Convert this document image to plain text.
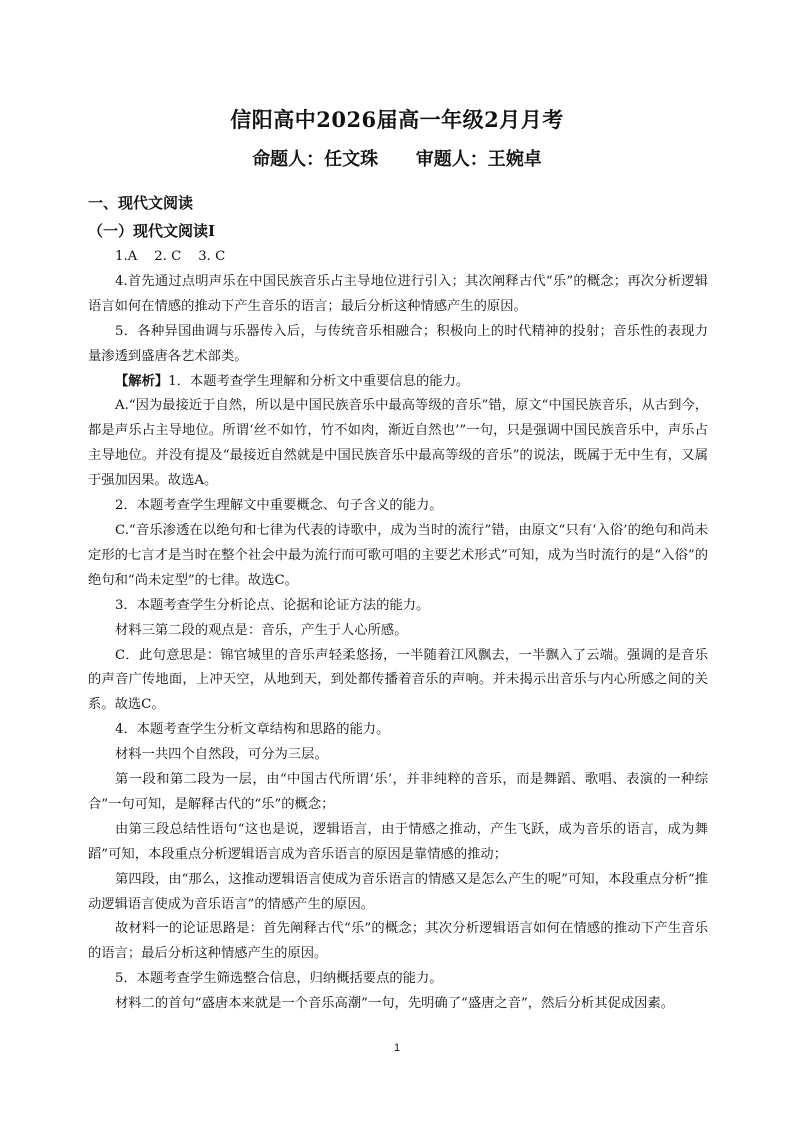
信阳高中2026届高一年级2月月考
命题人：任文珠      审题人：王婉卓
一、现代文阅读
（一）现代文阅读Ⅰ

1.A    2. C    3. C

4.首先通过点明声乐在中国民族音乐占主导地位进行引入；其次阐释古代“乐”的概念；再次分析逻辑语言如何在情感的推动下产生音乐的语言；最后分析这种情感产生的原因。

5．各种异国曲调与乐器传入后，与传统音乐相融合；积极向上的时代精神的投射；音乐性的表现力量渗透到盛唐各艺术部类。

【解析】1．本题考查学生理解和分析文中重要信息的能力。

A.“因为最接近于自然，所以是中国民族音乐中最高等级的音乐”错，原文“中国民族音乐，从古到今，都是声乐占主导地位。所谓‘丝不如竹，竹不如肉，渐近自然也’”一句，只是强调中国民族音乐中，声乐占主导地位。并没有提及“最接近自然就是中国民族音乐中最高等级的音乐”的说法，既属于无中生有，又属于强加因果。故选A。

2．本题考查学生理解文中重要概念、句子含义的能力。

C.“音乐渗透在以绝句和七律为代表的诗歌中，成为当时的流行”错，由原文“只有‘入俗’的绝句和尚未定形的七言才是当时在整个社会中最为流行而可歌可唱的主要艺术形式”可知，成为当时流行的是“入俗”的绝句和“尚未定型”的七律。故选C。

3．本题考查学生分析论点、论据和论证方法的能力。

材料三第二段的观点是：音乐，产生于人心所感。

C．此句意思是：锦官城里的音乐声轻柔悠扬，一半随着江风飘去，一半飘入了云端。强调的是音乐的声音广传地面，上冲天空，从地到天，到处都传播着音乐的声响。并未揭示出音乐与内心所感之间的关系。故选C。

4．本题考查学生分析文章结构和思路的能力。

材料一共四个自然段，可分为三层。

第一段和第二段为一层，由“中国古代所谓‘乐’，并非纯粹的音乐，而是舞蹈、歌唱、表演的一种综合”一句可知，是解释古代的“乐”的概念；

由第三段总结性语句“这也是说，逻辑语言，由于情感之推动，产生飞跃，成为音乐的语言，成为舞蹈”可知，本段重点分析逻辑语言成为音乐语言的原因是靠情感的推动；

第四段，由“那么，这推动逻辑语言使成为音乐语言的情感又是怎么产生的呢”可知，本段重点分析“推动逻辑语言使成为音乐语言”的情感产生的原因。

故材料一的论证思路是：首先阐释古代“乐”的概念；其次分析逻辑语言如何在情感的推动下产生音乐的语言；最后分析这种情感产生的原因。

5．本题考查学生筛选整合信息，归纳概括要点的能力。

材料二的首句“盛唐本来就是一个音乐高潮”一句，先明确了“盛唐之音”，然后分析其促成因素。

1
